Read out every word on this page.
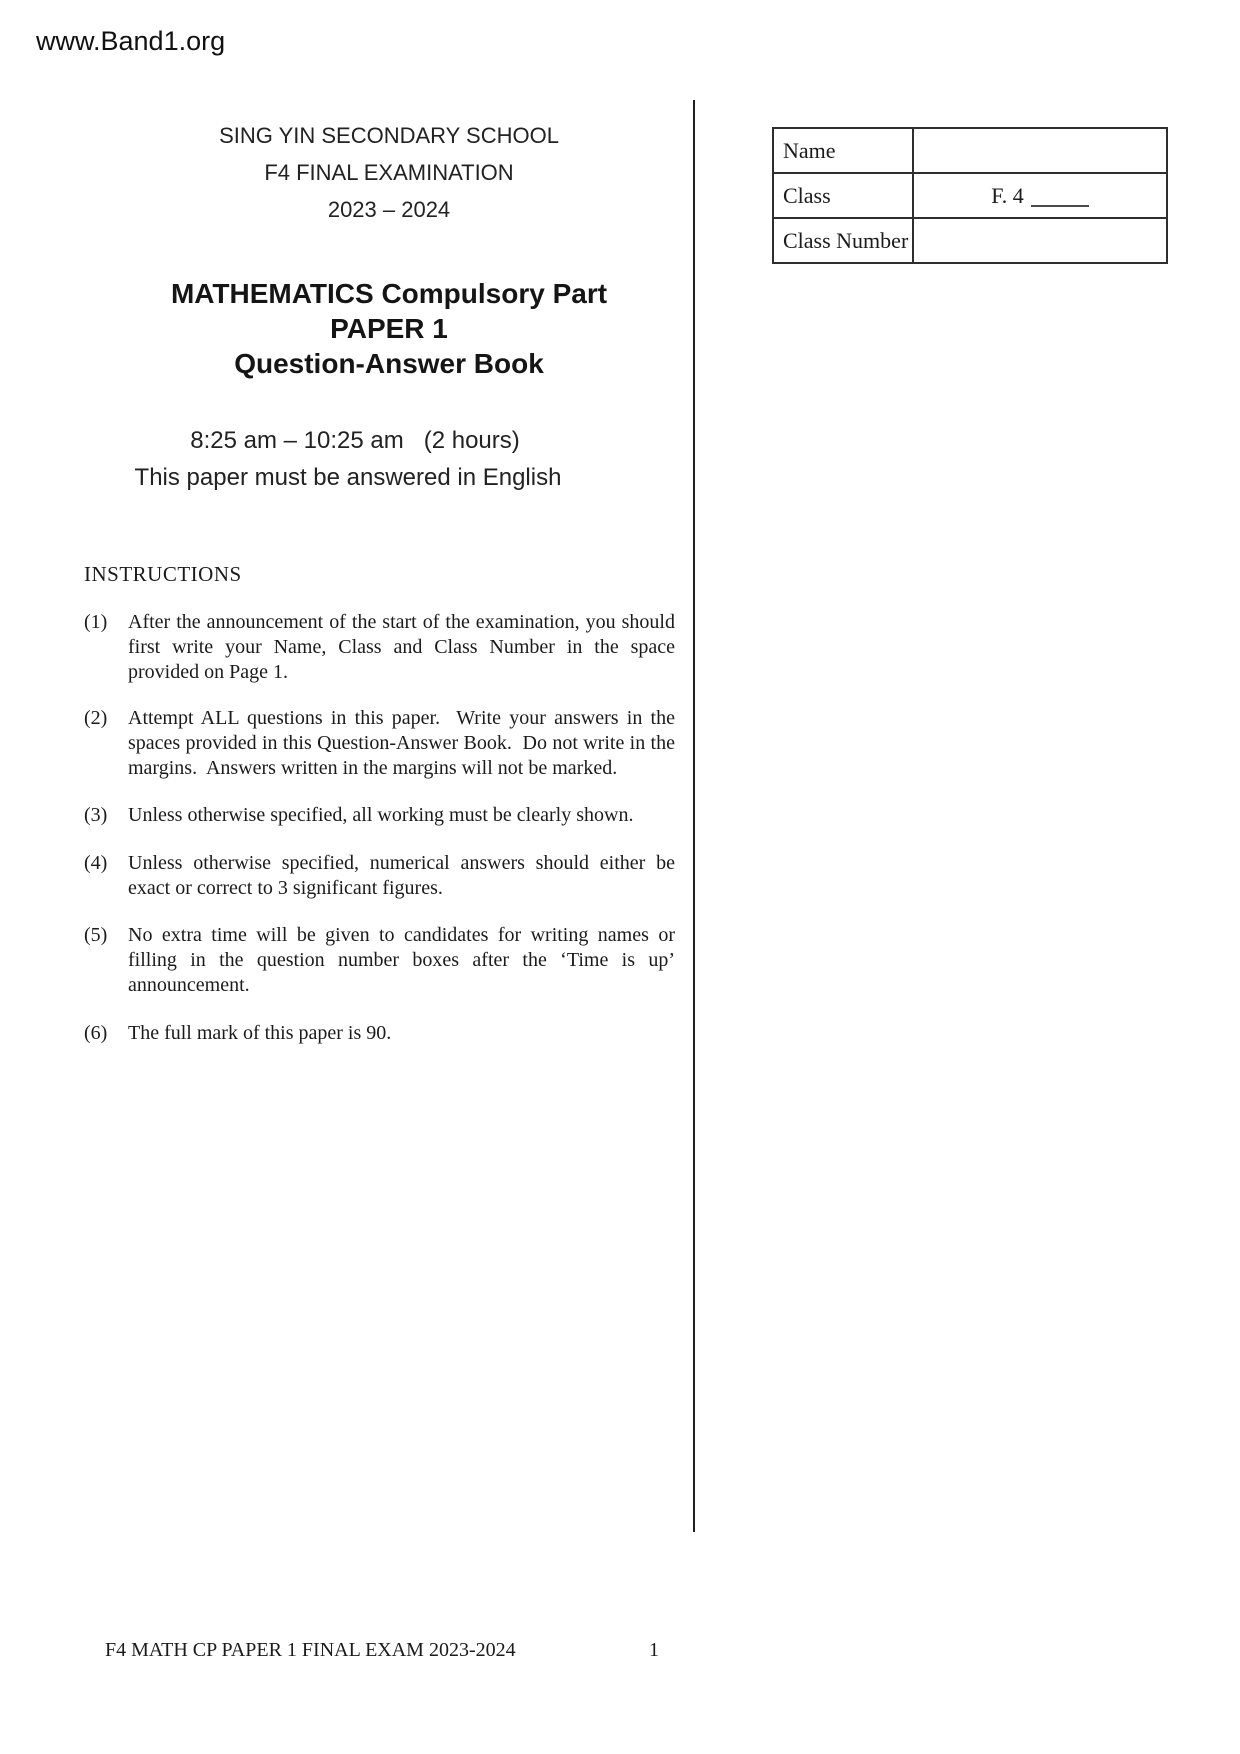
www.Band1.org
SING YIN SECONDARY SCHOOL
F4 FINAL EXAMINATION
2023 – 2024
MATHEMATICS Compulsory Part
PAPER 1
Question-Answer Book
8:25 am – 10:25 am   (2 hours)
This paper must be answered in English
INSTRUCTIONS
(1) After the announcement of the start of the examination, you should first write your Name, Class and Class Number in the space provided on Page 1.
(2) Attempt ALL questions in this paper.  Write your answers in the spaces provided in this Question-Answer Book.  Do not write in the margins.  Answers written in the margins will not be marked.
(3) Unless otherwise specified, all working must be clearly shown.
(4) Unless otherwise specified, numerical answers should either be exact or correct to 3 significant figures.
(5) No extra time will be given to candidates for writing names or filling in the question number boxes after the ‘Time is up’ announcement.
(6) The full mark of this paper is 90.
Name	
Class	F. 4
Class Number	
F4 MATH CP PAPER 1 FINAL EXAM 2023-2024	1
